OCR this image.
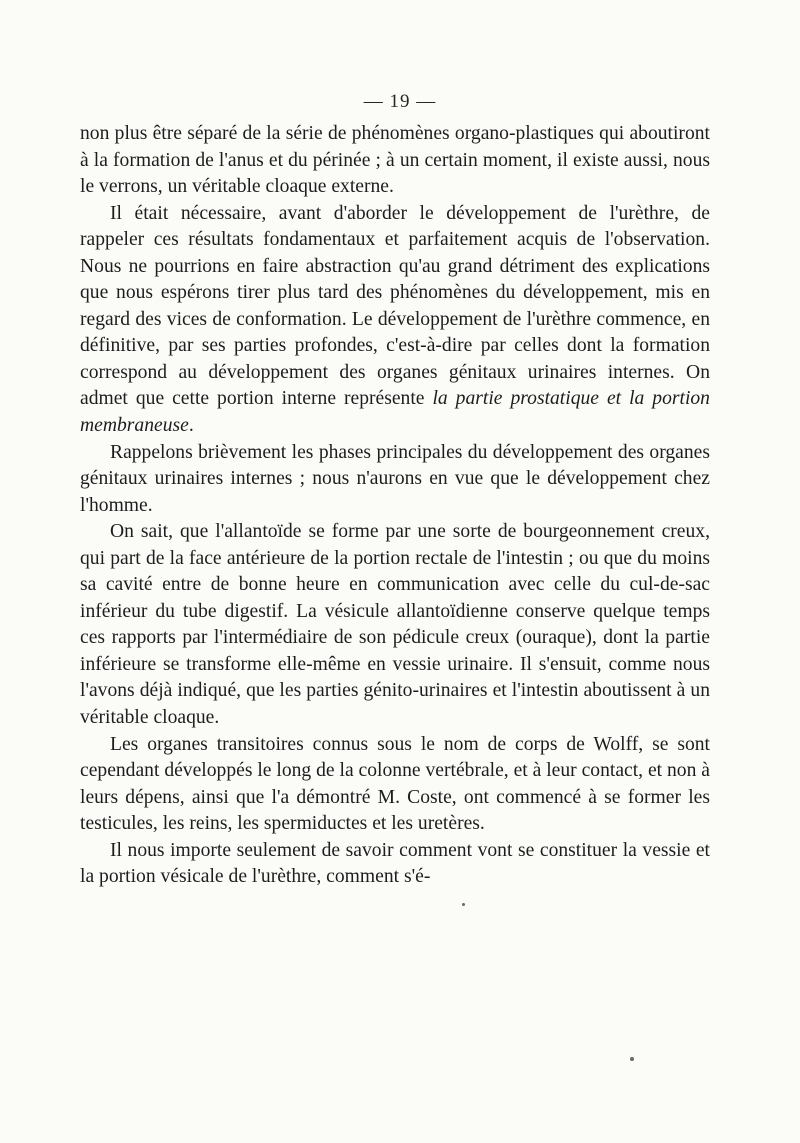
— 19 —

non plus être séparé de la série de phénomènes organo-plastiques qui aboutiront à la formation de l'anus et du périnée ; à un certain moment, il existe aussi, nous le verrons, un véritable cloaque externe.

Il était nécessaire, avant d'aborder le développement de l'urèthre, de rappeler ces résultats fondamentaux et parfaitement acquis de l'observation. Nous ne pourrions en faire abstraction qu'au grand détriment des explications que nous espérons tirer plus tard des phénomènes du développement, mis en regard des vices de conformation. Le développement de l'urèthre commence, en définitive, par ses parties profondes, c'est-à-dire par celles dont la formation correspond au développement des organes génitaux urinaires internes. On admet que cette portion interne représente la partie prostatique et la portion membraneuse.

Rappelons brièvement les phases principales du développement des organes génitaux urinaires internes ; nous n'aurons en vue que le développement chez l'homme.

On sait, que l'allantoïde se forme par une sorte de bourgeonnement creux, qui part de la face antérieure de la portion rectale de l'intestin ; ou que du moins sa cavité entre de bonne heure en communication avec celle du cul-de-sac inférieur du tube digestif. La vésicule allantoïdienne conserve quelque temps ces rapports par l'intermédiaire de son pédicule creux (ouraque), dont la partie inférieure se transforme elle-même en vessie urinaire. Il s'ensuit, comme nous l'avons déjà indiqué, que les parties génito-urinaires et l'intestin aboutissent à un véritable cloaque.

Les organes transitoires connus sous le nom de corps de Wolff, se sont cependant développés le long de la colonne vertébrale, et à leur contact, et non à leurs dépens, ainsi que l'a démontré M. Coste, ont commencé à se former les testicules, les reins, les spermiductes et les uretères.

Il nous importe seulement de savoir comment vont se constituer la vessie et la portion vésicale de l'urèthre, comment s'é-
